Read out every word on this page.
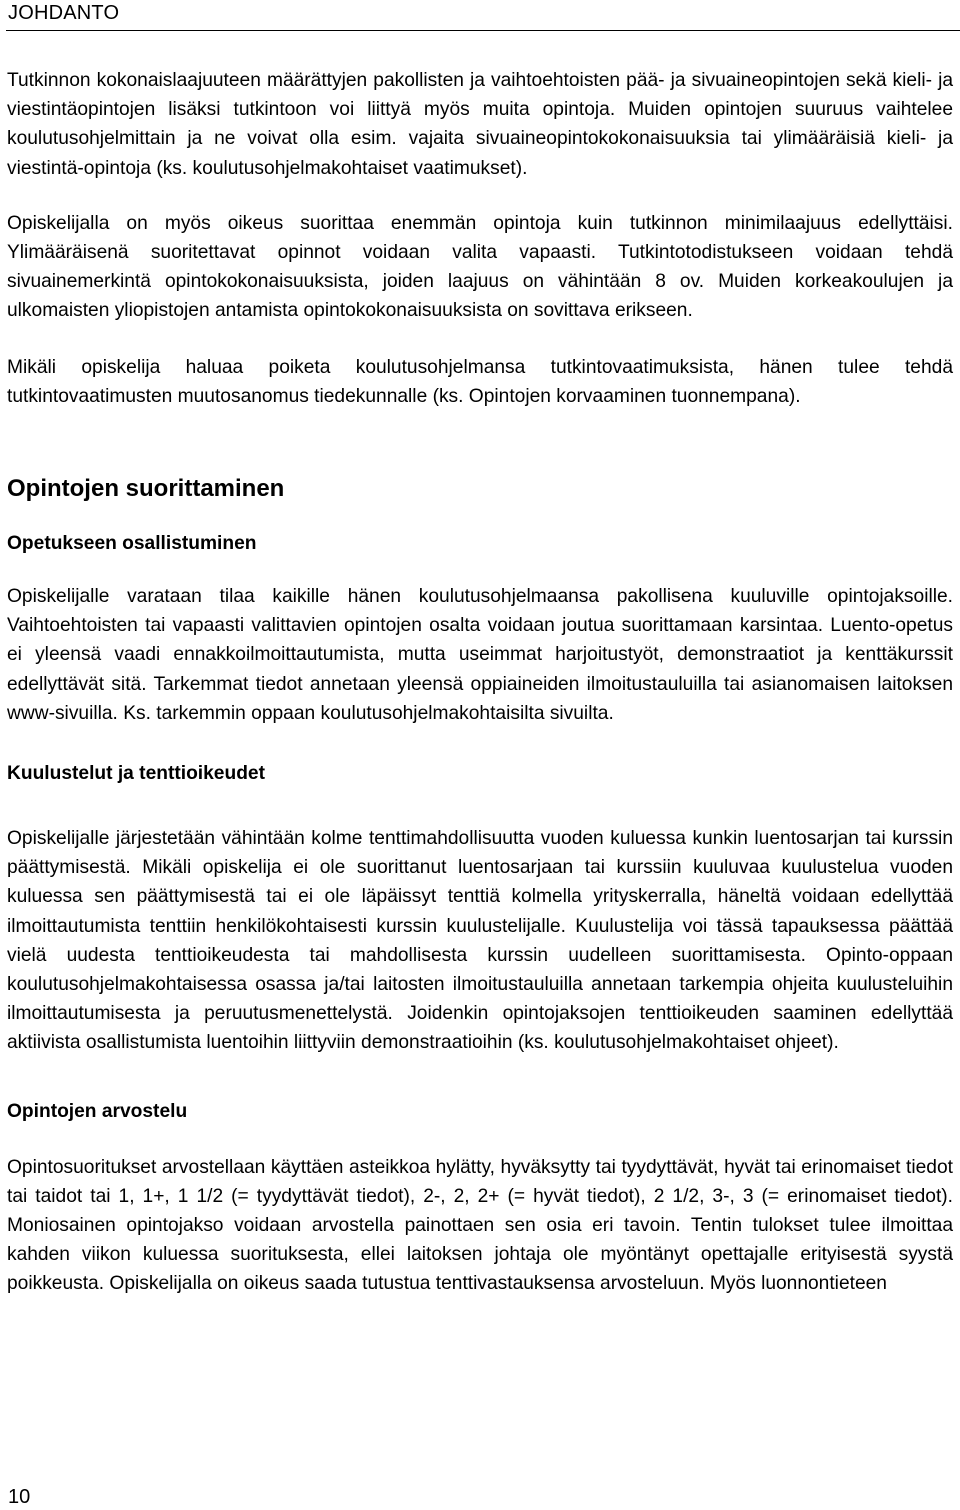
JOHDANTO

Tutkinnon kokonaislaajuuteen määrättyjen pakollisten ja vaihtoehtoisten pää- ja sivuaineopintojen sekä kieli- ja viestintäopintojen lisäksi tutkintoon voi liittyä myös muita opintoja. Muiden opintojen suuruus vaihtelee koulutusohjelmittain ja ne voivat olla esim. vajaita sivuaineopintokokonaisuuksia tai ylimääräisiä kieli- ja viestintä-opintoja (ks. koulutusohjelmakohtaiset vaatimukset).

Opiskelijalla on myös oikeus suorittaa enemmän opintoja kuin tutkinnon minimilaajuus edellyttäisi. Ylimääräisenä suoritettavat opinnot voidaan valita vapaasti. Tutkintotodistukseen voidaan tehdä sivuainemerkintä opintokokonaisuuksista, joiden laajuus on vähintään 8 ov. Muiden korkeakoulujen ja ulkomaisten yliopistojen antamista opintokokonaisuuksista on sovittava erikseen.

Mikäli opiskelija haluaa poiketa koulutusohjelmansa tutkintovaatimuksista, hänen tulee tehdä tutkintovaatimusten muutosanomus tiedekunnalle (ks. Opintojen korvaaminen tuonnempana).

Opintojen suorittaminen
Opetukseen osallistuminen

Opiskelijalle varataan tilaa kaikille hänen koulutusohjelmaansa pakollisena kuuluville opintojaksoille. Vaihtoehtoisten tai vapaasti valittavien opintojen osalta voidaan joutua suorittamaan karsintaa. Luento-opetus ei yleensä vaadi ennakkoilmoittautumista, mutta useimmat harjoitustyöt, demonstraatiot ja kenttäkurssit edellyttävät sitä. Tarkemmat tiedot annetaan yleensä oppiaineiden ilmoitustauluilla tai asianomaisen laitoksen www-sivuilla. Ks. tarkemmin oppaan koulutusohjelmakohtaisilta sivuilta.

Kuulustelut ja tenttioikeudet

Opiskelijalle järjestetään vähintään kolme tenttimahdollisuutta vuoden kuluessa kunkin luentosarjan tai kurssin päättymisestä. Mikäli opiskelija ei ole suorittanut luentosarjaan tai kurssiin kuuluvaa kuulustelua vuoden kuluessa sen päättymisestä tai ei ole läpäissyt tenttiä kolmella yrityskerralla, häneltä voidaan edellyttää ilmoittautumista tenttiin henkilökohtaisesti kurssin kuulustelijalle. Kuulustelija voi tässä tapauksessa päättää vielä uudesta tenttioikeudesta tai mahdollisesta kurssin uudelleen suorittamisesta. Opinto-oppaan koulutusohjelmakohtaisessa osassa ja/tai laitosten ilmoitustauluilla annetaan tarkempia ohjeita kuulusteluihin ilmoittautumisesta ja peruutusmenettelystä. Joidenkin opintojaksojen tenttioikeuden saaminen edellyttää aktiivista osallistumista luentoihin liittyviin demonstraatioihin (ks. koulutusohjelmakohtaiset ohjeet).

Opintojen arvostelu

Opintosuoritukset arvostellaan käyttäen asteikkoa hylätty, hyväksytty tai tyydyttävät, hyvät tai erinomaiset tiedot tai taidot tai 1, 1+, 1 1/2 (= tyydyttävät tiedot), 2-, 2, 2+ (= hyvät tiedot), 2 1/2, 3-, 3 (= erinomaiset tiedot). Moniosainen opintojakso voidaan arvostella painottaen sen osia eri tavoin. Tentin tulokset tulee ilmoittaa kahden viikon kuluessa suorituksesta, ellei laitoksen johtaja ole myöntänyt opettajalle erityisestä syystä poikkeusta. Opiskelijalla on oikeus saada tutustua tenttivastauksensa arvosteluun. Myös luonnontieteen

10
